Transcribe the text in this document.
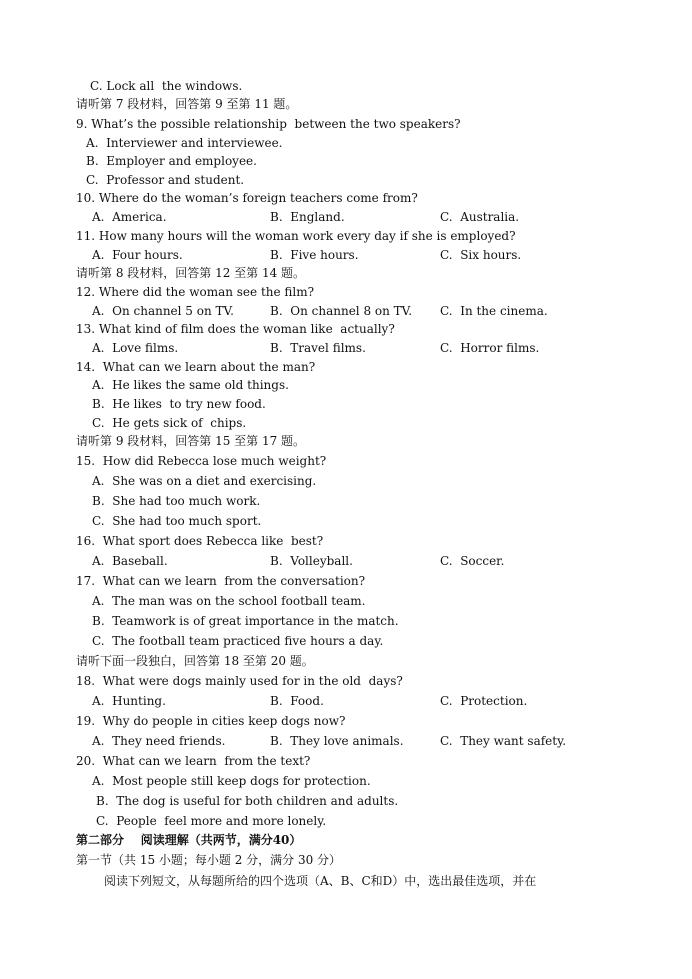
C. Lock all  the windows.
请听第 7 段材料，回答第 9 至第 11 题。
9. What’s the possible relationship  between the two speakers?
A.  Interviewer and interviewee.
B.  Employer and employee.
C.  Professor and student.
10. Where do the woman’s foreign teachers come from?
A.  America.	B.  England.	C.  Australia.
11. How many hours will the woman work every day if she is employed?
A.  Four hours.	B.  Five hours.	C.  Six hours.
请听第 8 段材料，回答第 12 至第 14 题。
12. Where did the woman see the film?
A.  On channel 5 on TV.	B.  On channel 8 on TV. C.  In the cinema.
13. What kind of film does the woman like  actually?
A.  Love films.	B.  Travel films.	C.  Horror films.
14.  What can we learn about the man?
A.  He likes the same old things.
B.  He likes  to try new food.
C.  He gets sick of  chips.
请听第 9 段材料，回答第 15 至第 17 题。
15.  How did Rebecca lose much weight?
A.  She was on a diet and exercising.
B.  She had too much work.
C.  She had too much sport.
16.  What sport does Rebecca like  best?
A.  Baseball.	B.  Volleyball.	C.  Soccer.
17.  What can we learn  from the conversation?
A.  The man was on the school football team.
B.  Teamwork is of great importance in the match.
C.  The football team practiced five hours a day.
请听下面一段独白，回答第 18 至第 20 题。
18.  What were dogs mainly used for in the old  days?
A.  Hunting.	B.  Food.	C.  Protection.
19.  Why do people in cities keep dogs now?
A.  They need friends.	B.  They love animals.	C.  They want safety.
20.  What can we learn  from the text?
A.  Most people still keep dogs for protection.
B.  The dog is useful for both children and adults.
C.  People  feel more and more lonely.
第二部分    阅读理解（共两节，满分40）
第一节（共 15 小题；每小题 2 分，满分 30 分）
阅读下列短文，从每题所给的四个选项（A、B、C和D）中，选出最佳选项，并在
